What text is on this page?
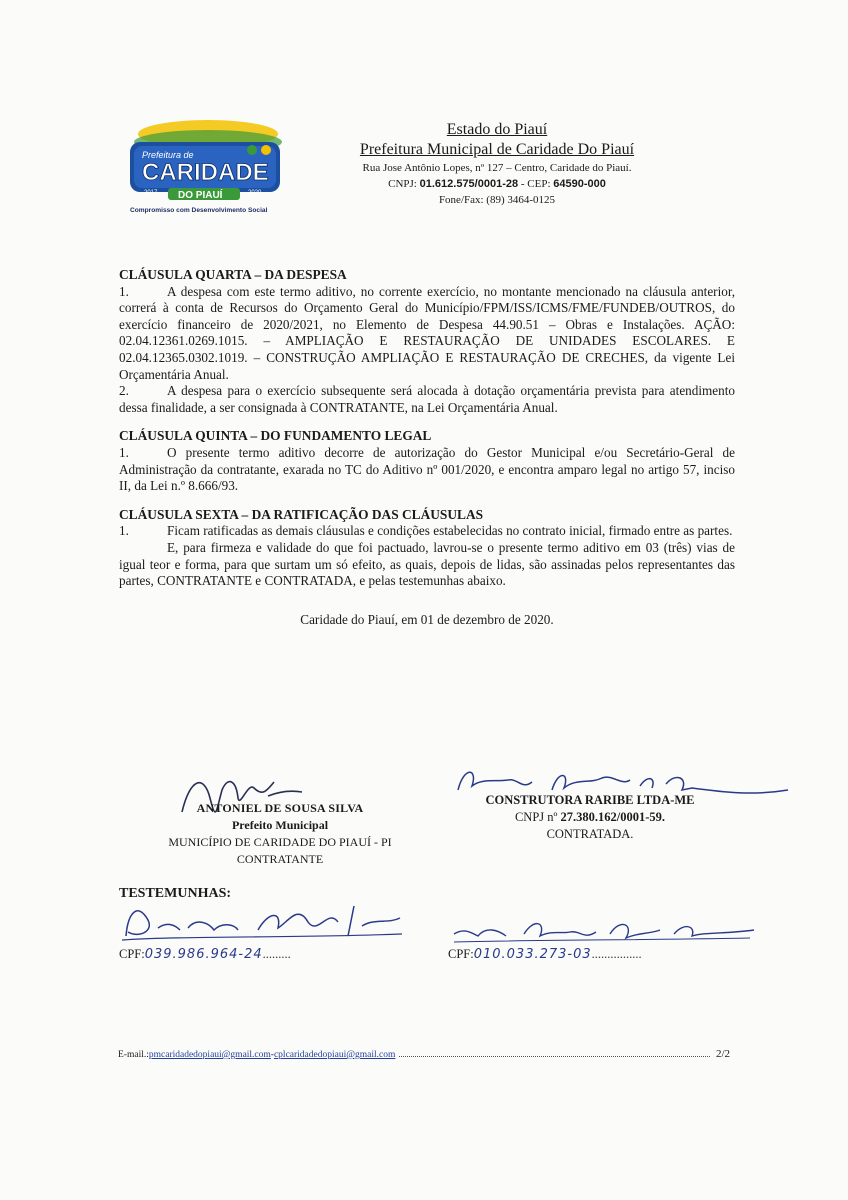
Prefeitura de
CARIDADE
2017 DO PIAUÍ	2020
Compromisso com Desenvolvimento Social
Estado do Piauí
Prefeitura Municipal de Caridade Do Piauí
Rua Jose Antônio Lopes, nº 127 – Centro, Caridade do Piauí.
CNPJ: 01.612.575/0001-28 - CEP: 64590-000
Fone/Fax: (89) 3464-0125

CLÁUSULA QUARTA – DA DESPESA

1.	A despesa com este termo aditivo, no corrente exercício, no montante mencionado na cláusula anterior, correrá à conta de Recursos do Orçamento Geral do Município/FPM/ISS/ICMS/FME/FUNDEB/OUTROS, do exercício financeiro de 2020/2021, no Elemento de Despesa 44.90.51 – Obras e Instalações. AÇÃO: 02.04.12361.0269.1015. – AMPLIAÇÃO E RESTAURAÇÃO DE UNIDADES ESCOLARES. E 02.04.12365.0302.1019. – CONSTRUÇÃO AMPLIAÇÃO E RESTAURAÇÃO DE CRECHES, da vigente Lei Orçamentária Anual.

2.	A despesa para o exercício subsequente será alocada à dotação orçamentária prevista para atendimento dessa finalidade, a ser consignada à CONTRATANTE, na Lei Orçamentária Anual.

CLÁUSULA QUINTA – DO FUNDAMENTO LEGAL

1.	O presente termo aditivo decorre de autorização do Gestor Municipal e/ou Secretário-Geral de Administração da contratante, exarada no TC do Aditivo nº 001/2020, e encontra amparo legal no artigo 57, inciso II, da Lei n.º 8.666/93.

CLÁUSULA SEXTA – DA RATIFICAÇÃO DAS CLÁUSULAS

1.	Ficam ratificadas as demais cláusulas e condições estabelecidas no contrato inicial, firmado entre as partes.

E, para firmeza e validade do que foi pactuado, lavrou-se o presente termo aditivo em 03 (três) vias de igual teor e forma, para que surtam um só efeito, as quais, depois de lidas, são assinadas pelos representantes das partes, CONTRATANTE e CONTRATADA, e pelas testemunhas abaixo.

Caridade do Piauí, em 01 de dezembro de 2020.

ANTONIEL DE SOUSA SILVA
Prefeito Municipal
MUNICÍPIO DE CARIDADE DO PIAUÍ - PI
CONTRATANTE
CONSTRUTORA RARIBE LTDA-ME
CNPJ nº 27.380.162/0001-59.
CONTRATADA.
TESTEMUNHAS:
CPF:039.986.964-24.........	CPF:010.033.273-03................
E-mail.: pmcaridadedopiaui@gmail.com - cplcaridadedopiaui@gmail.com	2/2
